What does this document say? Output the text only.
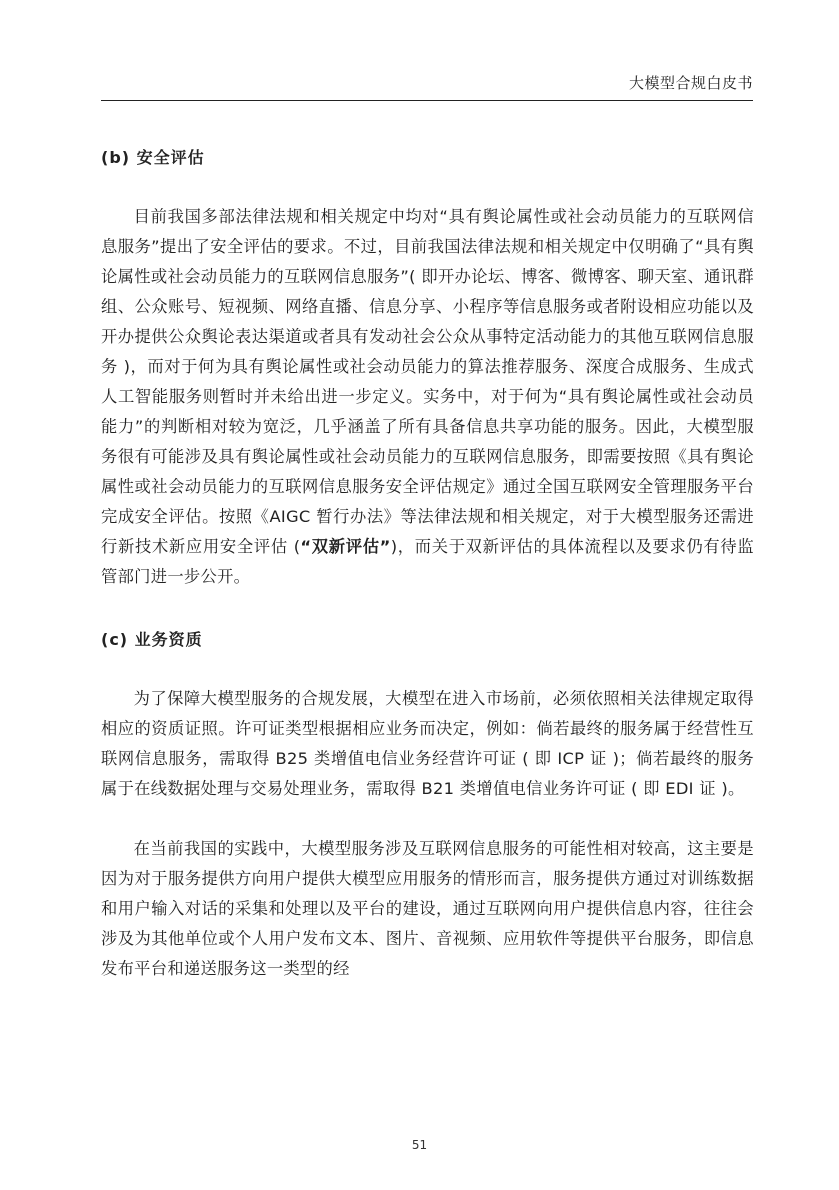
大模型合规白皮书
(b) 安全评估

目前我国多部法律法规和相关规定中均对“具有舆论属性或社会动员能力的互联网信息服务”提出了安全评估的要求。不过，目前我国法律法规和相关规定中仅明确了“具有舆论属性或社会动员能力的互联网信息服务”( 即开办论坛、博客、微博客、聊天室、通讯群组、公众账号、短视频、网络直播、信息分享、小程序等信息服务或者附设相应功能以及开办提供公众舆论表达渠道或者具有发动社会公众从事特定活动能力的其他互联网信息服务 )，而对于何为具有舆论属性或社会动员能力的算法推荐服务、深度合成服务、生成式人工智能服务则暂时并未给出进一步定义。实务中，对于何为“具有舆论属性或社会动员能力”的判断相对较为宽泛，几乎涵盖了所有具备信息共享功能的服务。因此，大模型服务很有可能涉及具有舆论属性或社会动员能力的互联网信息服务，即需要按照《具有舆论属性或社会动员能力的互联网信息服务安全评估规定》通过全国互联网安全管理服务平台完成安全评估。按照《AIGC 暂行办法》等法律法规和相关规定，对于大模型服务还需进行新技术新应用安全评估 (“双新评估”)，而关于双新评估的具体流程以及要求仍有待监管部门进一步公开。

(c) 业务资质

为了保障大模型服务的合规发展，大模型在进入市场前，必须依照相关法律规定取得相应的资质证照。许可证类型根据相应业务而决定，例如：倘若最终的服务属于经营性互联网信息服务，需取得 B25 类增值电信业务经营许可证 ( 即 ICP 证 )；倘若最终的服务属于在线数据处理与交易处理业务，需取得 B21 类增值电信业务许可证 ( 即 EDI 证 )。

在当前我国的实践中，大模型服务涉及互联网信息服务的可能性相对较高，这主要是因为对于服务提供方向用户提供大模型应用服务的情形而言，服务提供方通过对训练数据和用户输入对话的采集和处理以及平台的建设，通过互联网向用户提供信息内容，往往会涉及为其他单位或个人用户发布文本、图片、音视频、应用软件等提供平台服务，即信息发布平台和递送服务这一类型的经

51
